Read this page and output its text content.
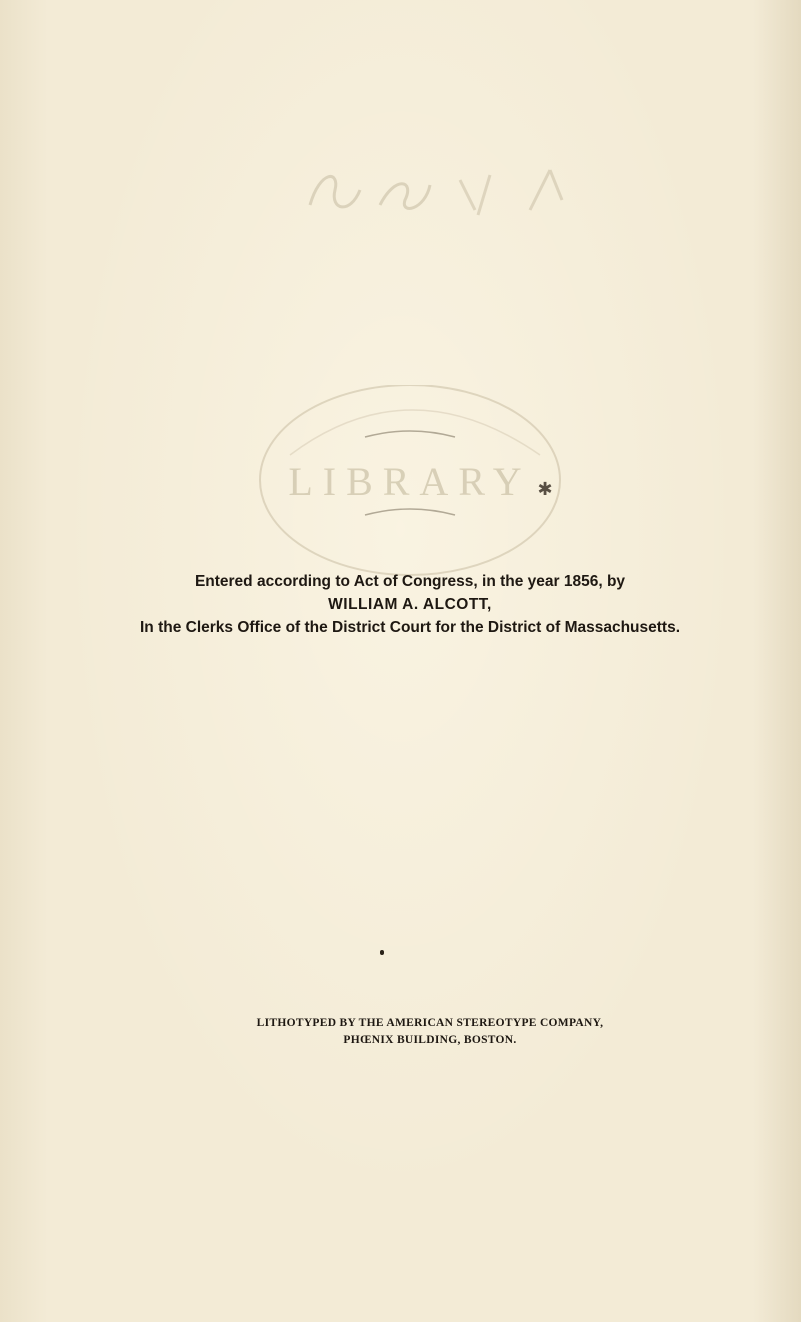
LIBRARY ✱
Entered according to Act of Congress, in the year 1856, by
WILLIAM A. ALCOTT,
In the Clerks Office of the District Court for the District of Massachusetts.
LITHOTYPED BY THE AMERICAN STEREOTYPE COMPANY,
PHŒNIX BUILDING, BOSTON.
